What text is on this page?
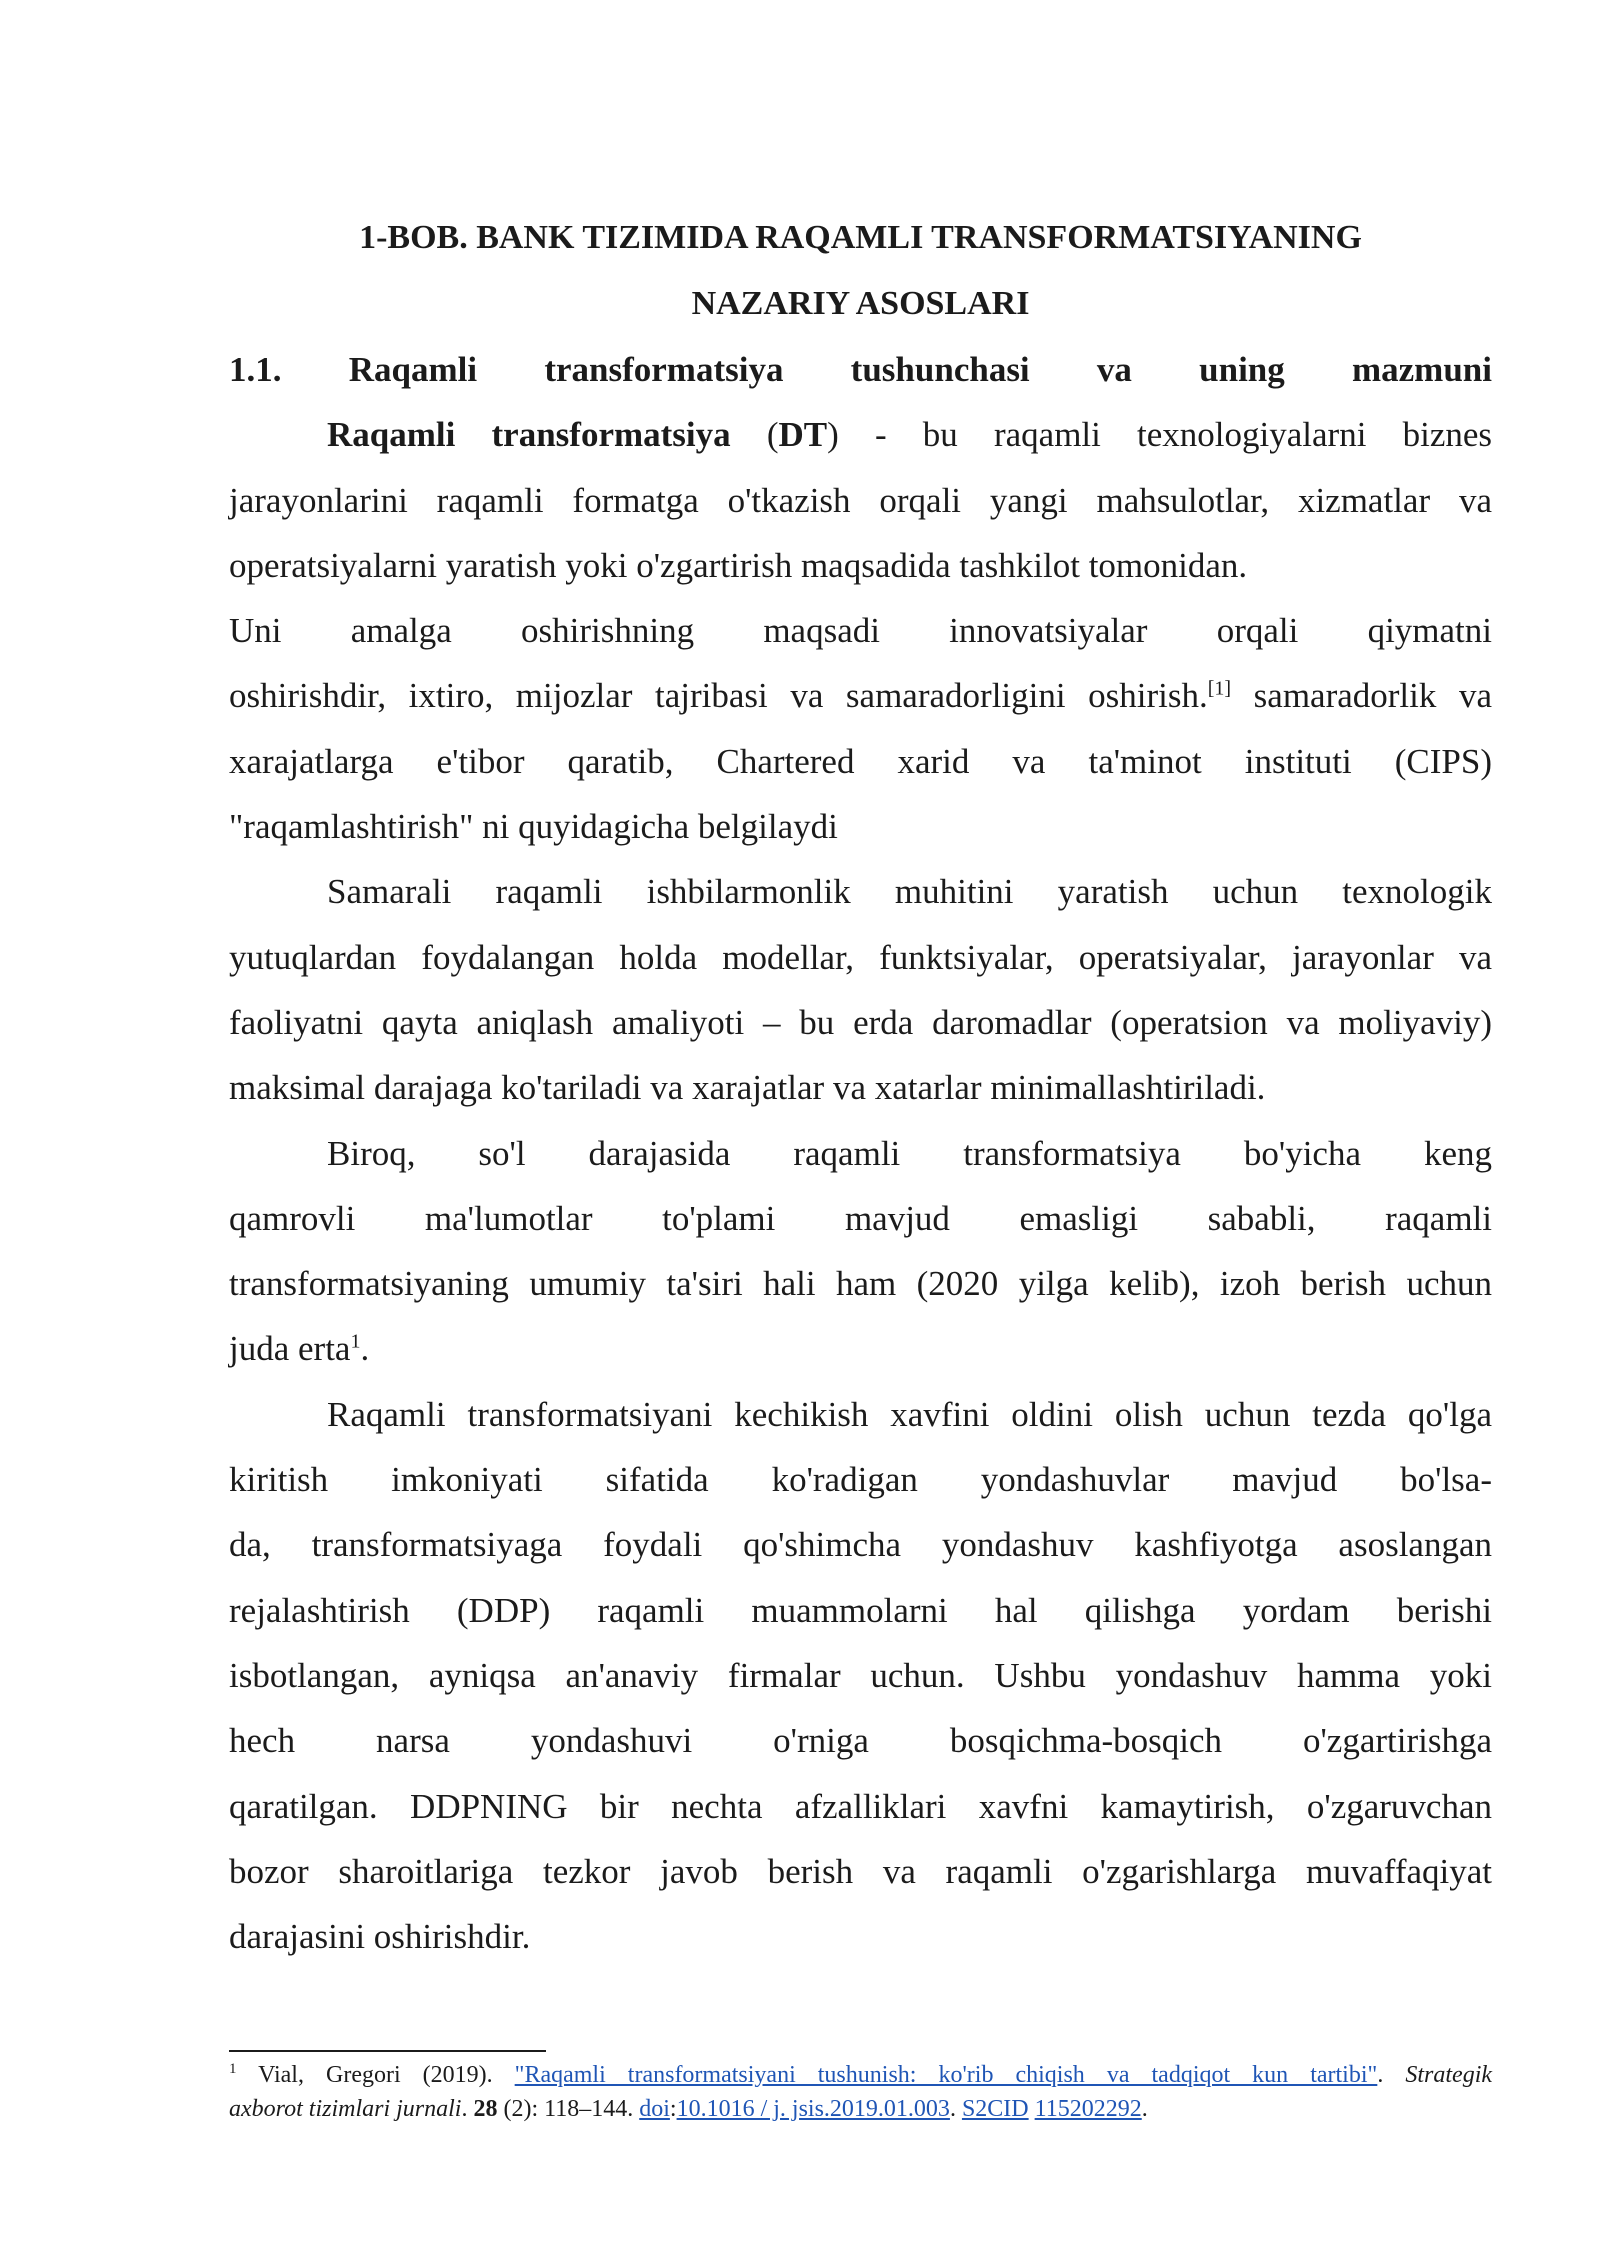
1-BOB. BANK TIZIMIDA RAQAMLI TRANSFORMATSIYANING
NAZARIY ASOSLARI
1.1. Raqamli transformatsiya tushunchasi va uning mazmuni
Raqamli transformatsiya (DT) - bu raqamli texnologiyalarni biznes
jarayonlarini raqamli formatga o'tkazish orqali yangi mahsulotlar, xizmatlar va
operatsiyalarni yaratish yoki o'zgartirish maqsadida tashkilot tomonidan.
Uni amalga oshirishning maqsadi innovatsiyalar orqali qiymatni
oshirishdir, ixtiro, mijozlar tajribasi va samaradorligini oshirish.[1] samaradorlik va
xarajatlarga e'tibor qaratib, Chartered xarid va ta'minot instituti (CIPS)
"raqamlashtirish" ni quyidagicha belgilaydi
Samarali raqamli ishbilarmonlik muhitini yaratish uchun texnologik
yutuqlardan foydalangan holda modellar, funktsiyalar, operatsiyalar, jarayonlar va
faoliyatni qayta aniqlash amaliyoti – bu erda daromadlar (operatsion va moliyaviy)
maksimal darajaga ko'tariladi va xarajatlar va xatarlar minimallashtiriladi.
Biroq, so'l darajasida raqamli transformatsiya bo'yicha keng
qamrovli ma'lumotlar to'plami mavjud emasligi sababli, raqamli
transformatsiyaning umumiy ta'siri hali ham (2020 yilga kelib), izoh berish uchun
juda erta$^1$.
Raqamli transformatsiyani kechikish xavfini oldini olish uchun tezda qo'lga
kiritish imkoniyati sifatida ko'radigan yondashuvlar mavjud bo'lsa-
da, transformatsiyaga foydali qo'shimcha yondashuv kashfiyotga asoslangan
rejalashtirish (DDP) raqamli muammolarni hal qilishga yordam berishi
isbotlangan, ayniqsa an'anaviy firmalar uchun. Ushbu yondashuv hamma yoki
hech narsa yondashuvi o'rniga bosqichma-bosqich o'zgartirishga
qaratilgan. DDPNING bir nechta afzalliklari xavfni kamaytirish, o'zgaruvchan
bozor sharoitlariga tezkor javob berish va raqamli o'zgarishlarga muvaffaqiyat
darajasini oshirishdir.
$^1$ Vial, Gregori (2019). "Raqamli transformatsiyani tushunish: ko'rib chiqish va tadqiqot kun tartibi". Strategik
axborot tizimlari jurnali. 28 (2): 118–144. doi:10.1016 / j. jsis.2019.01.003. S2CID 115202292.
